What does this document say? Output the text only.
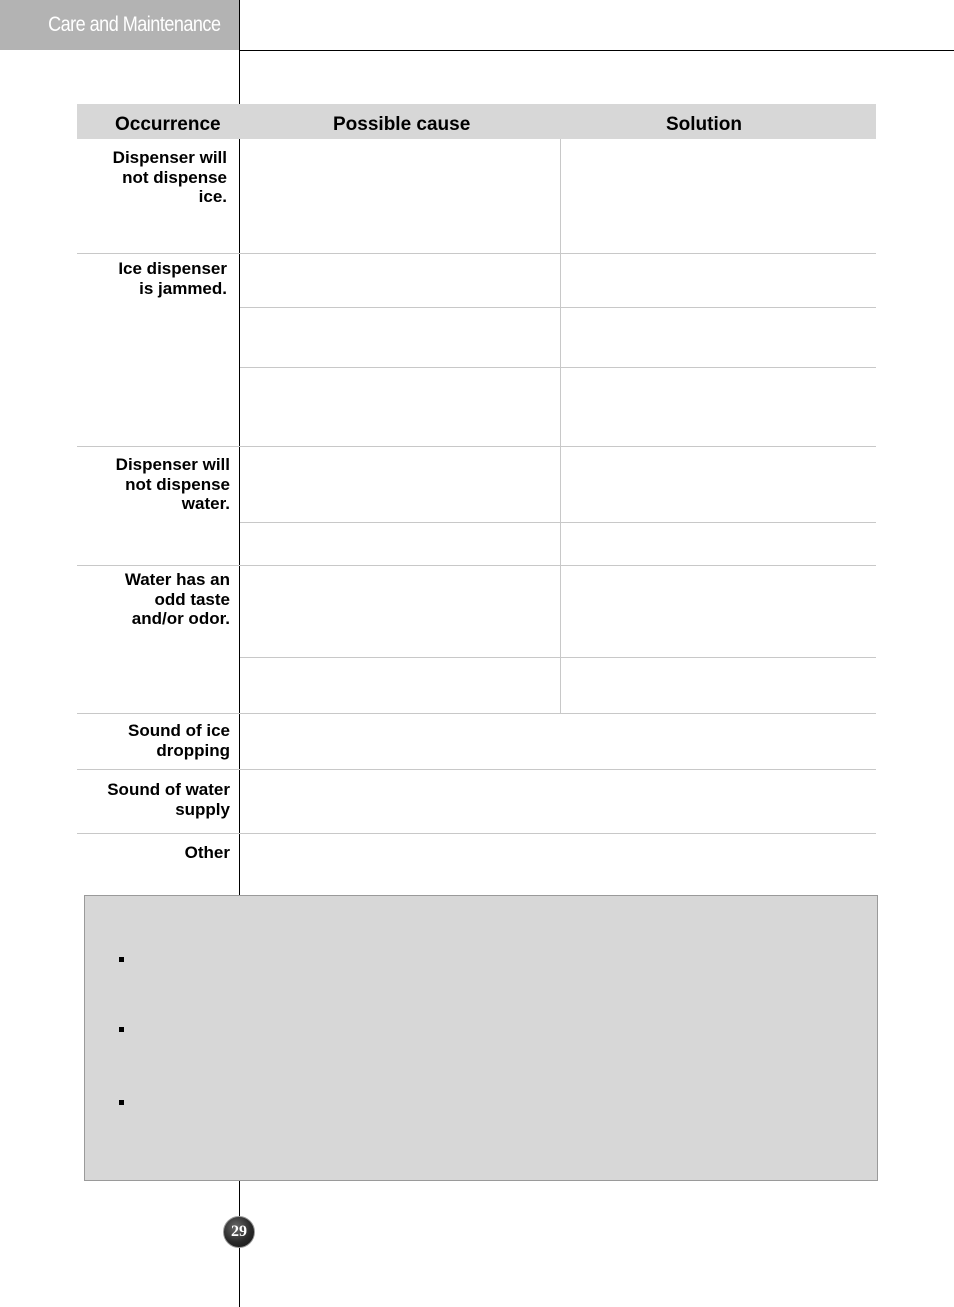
Care and Maintenance
Occurrence	Possible cause	Solution
Dispenser will
not dispense
ice.
Ice dispenser
is jammed.
Dispenser will
not dispense
water.
Water has an
odd taste
and/or odor.
Sound of ice
dropping
Sound of water
supply
Other
29
